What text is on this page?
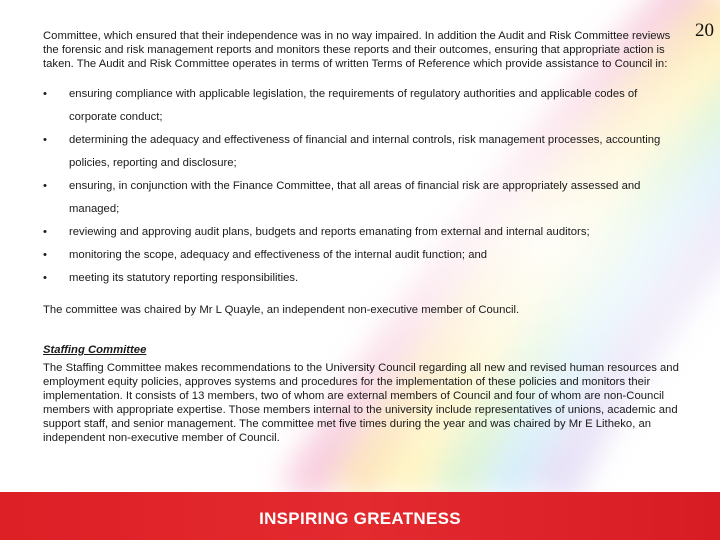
20

Committee, which ensured that their independence was in no way impaired. In addition the Audit and Risk Committee reviews the forensic and risk management reports and monitors these reports and their outcomes, ensuring that appropriate action is taken. The Audit and Risk Committee operates in terms of written Terms of Reference which provide assistance to Council in:

• ensuring compliance with applicable legislation, the requirements of regulatory authorities and applicable codes of corporate conduct;
• determining the adequacy and effectiveness of financial and internal controls, risk management processes, accounting policies, reporting and disclosure;
• ensuring, in conjunction with the Finance Committee, that all areas of financial risk are appropriately assessed and managed;
• reviewing and approving audit plans, budgets and reports emanating from external and internal auditors;
• monitoring the scope, adequacy and effectiveness of the internal audit function; and
• meeting its statutory reporting responsibilities.

The committee was chaired by Mr L Quayle, an independent non-executive member of Council.

Staffing Committee

The Staffing Committee makes recommendations to the University Council regarding all new and revised human resources and employment equity policies, approves systems and procedures for the implementation of these policies and monitors their implementation. It consists of 13 members, two of whom are external members of Council and four of whom are non-Council members with appropriate expertise. Those members internal to the university include representatives of unions, academic and support staff, and senior management. The committee met five times during the year and was chaired by Mr E Litheko, an independent non-executive member of Council.

INSPIRING GREATNESS
